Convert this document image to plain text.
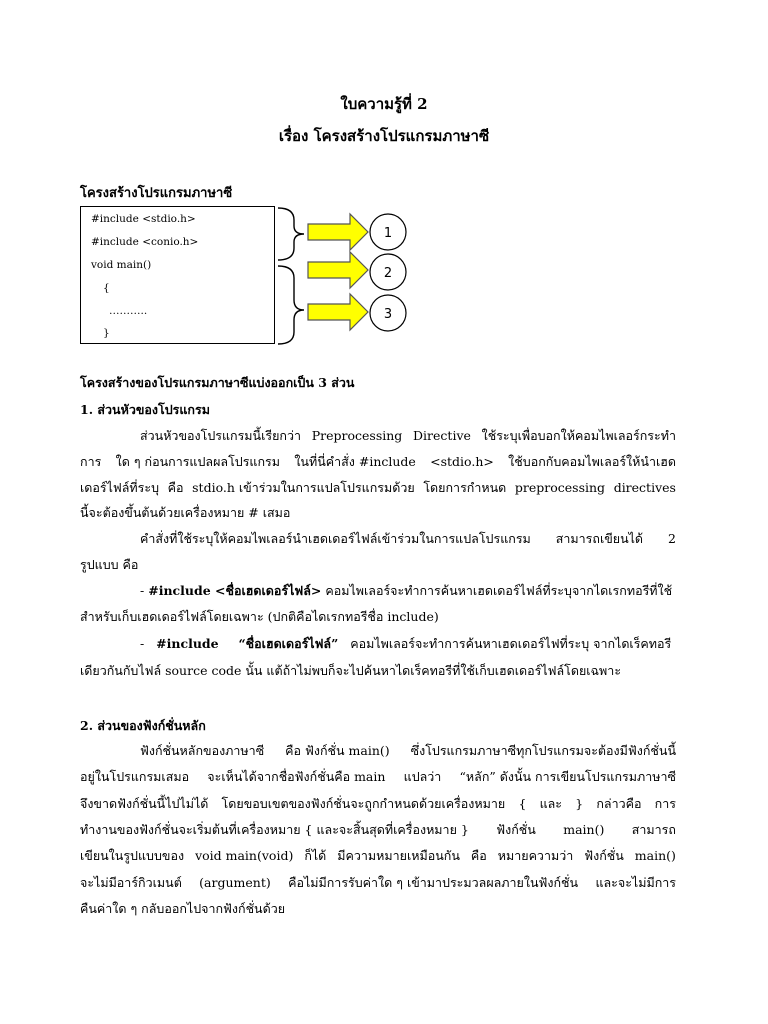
ใบความรู้ที่ 2
เรื่อง โครงสร้างโปรแกรมภาษาซี
โครงสร้างโปรแกรมภาษาซี
#include <stdio.h>
#include <conio.h>
void main()
{
………..
}
1
2
3
โครงสร้างของโปรแกรมภาษาซีแบ่งออกเป็น 3 ส่วน
1. ส่วนหัวของโปรแกรม
ส่วนหัวของโปรแกรมนี้เรียกว่า Preprocessing Directive ใช้ระบุเพื่อบอกให้คอมไพเลอร์กระทำ
การ ใด ๆ ก่อนการแปลผลโปรแกรม ในที่นี่คำสั่ง #include <stdio.h> ใช้บอกกับคอมไพเลอร์ให้นำเฮด
เดอร์ไฟล์ที่ระบุ คือ stdio.h เข้าร่วมในการแปลโปรแกรมด้วย โดยการกำหนด preprocessing directives
นี้จะต้องขึ้นต้นด้วยเครื่องหมาย # เสมอ
คำสั่งที่ใช้ระบุให้คอมไพเลอร์นำเฮดเดอร์ไฟล์เข้าร่วมในการแปลโปรแกรม สามารถเขียนได้ 2
รูปแบบ คือ
- #include <ชื่อเฮดเดอร์ไฟล์> คอมไพเลอร์จะทำการค้นหาเฮดเดอร์ไฟล์ที่ระบุจากไดเรกทอรีที่ใช้
สำหรับเก็บเฮดเดอร์ไฟล์โดยเฉพาะ (ปกติคือไดเรกทอรีชื่อ include)
- #include “ชื่อเฮดเดอร์ไฟล์” คอมไพเลอร์จะทำการค้นหาเฮดเดอร์ไฟที่ระบุ จากไดเร็คทอรี
เดียวกันกับไฟล์ source code นั้น แต้ถ้าไม่พบก็จะไปค้นหาไดเร็คทอรีที่ใช้เก็บเฮดเดอร์ไฟล์โดยเฉพาะ
2. ส่วนของฟังก์ชั่นหลัก
ฟังก์ชั่นหลักของภาษาซี คือ ฟังก์ชั่น main() ซึ่งโปรแกรมภาษาซีทุกโปรแกรมจะต้องมีฟังก์ชั่นนี้
อยู่ในโปรแกรมเสมอ จะเห็นได้จากชื่อฟังก์ชั่นคือ main แปลว่า “หลัก” ดังนั้น การเขียนโปรแกรมภาษาซี
จึงขาดฟังก์ชั่นนี้ไปไม่ได้ โดยขอบเขตของฟังก์ชั่นจะถูกกำหนดด้วยเครื่องหมาย { และ } กล่าวคือ การ
ทำงานของฟังก์ชั่นจะเริ่มต้นที่เครื่องหมาย { และจะสิ้นสุดที่เครื่องหมาย } ฟังก์ชั่น main() สามารถ
เขียนในรูปแบบของ void main(void) ก็ได้ มีความหมายเหมือนกัน คือ หมายความว่า ฟังก์ชั่น main()
จะไม่มีอาร์กิวเมนต์ (argument) คือไม่มีการรับค่าใด ๆ เข้ามาประมวลผลภายในฟังก์ชั่น และจะไม่มีการ
คืนค่าใด ๆ กลับออกไปจากฟังก์ชั่นด้วย
